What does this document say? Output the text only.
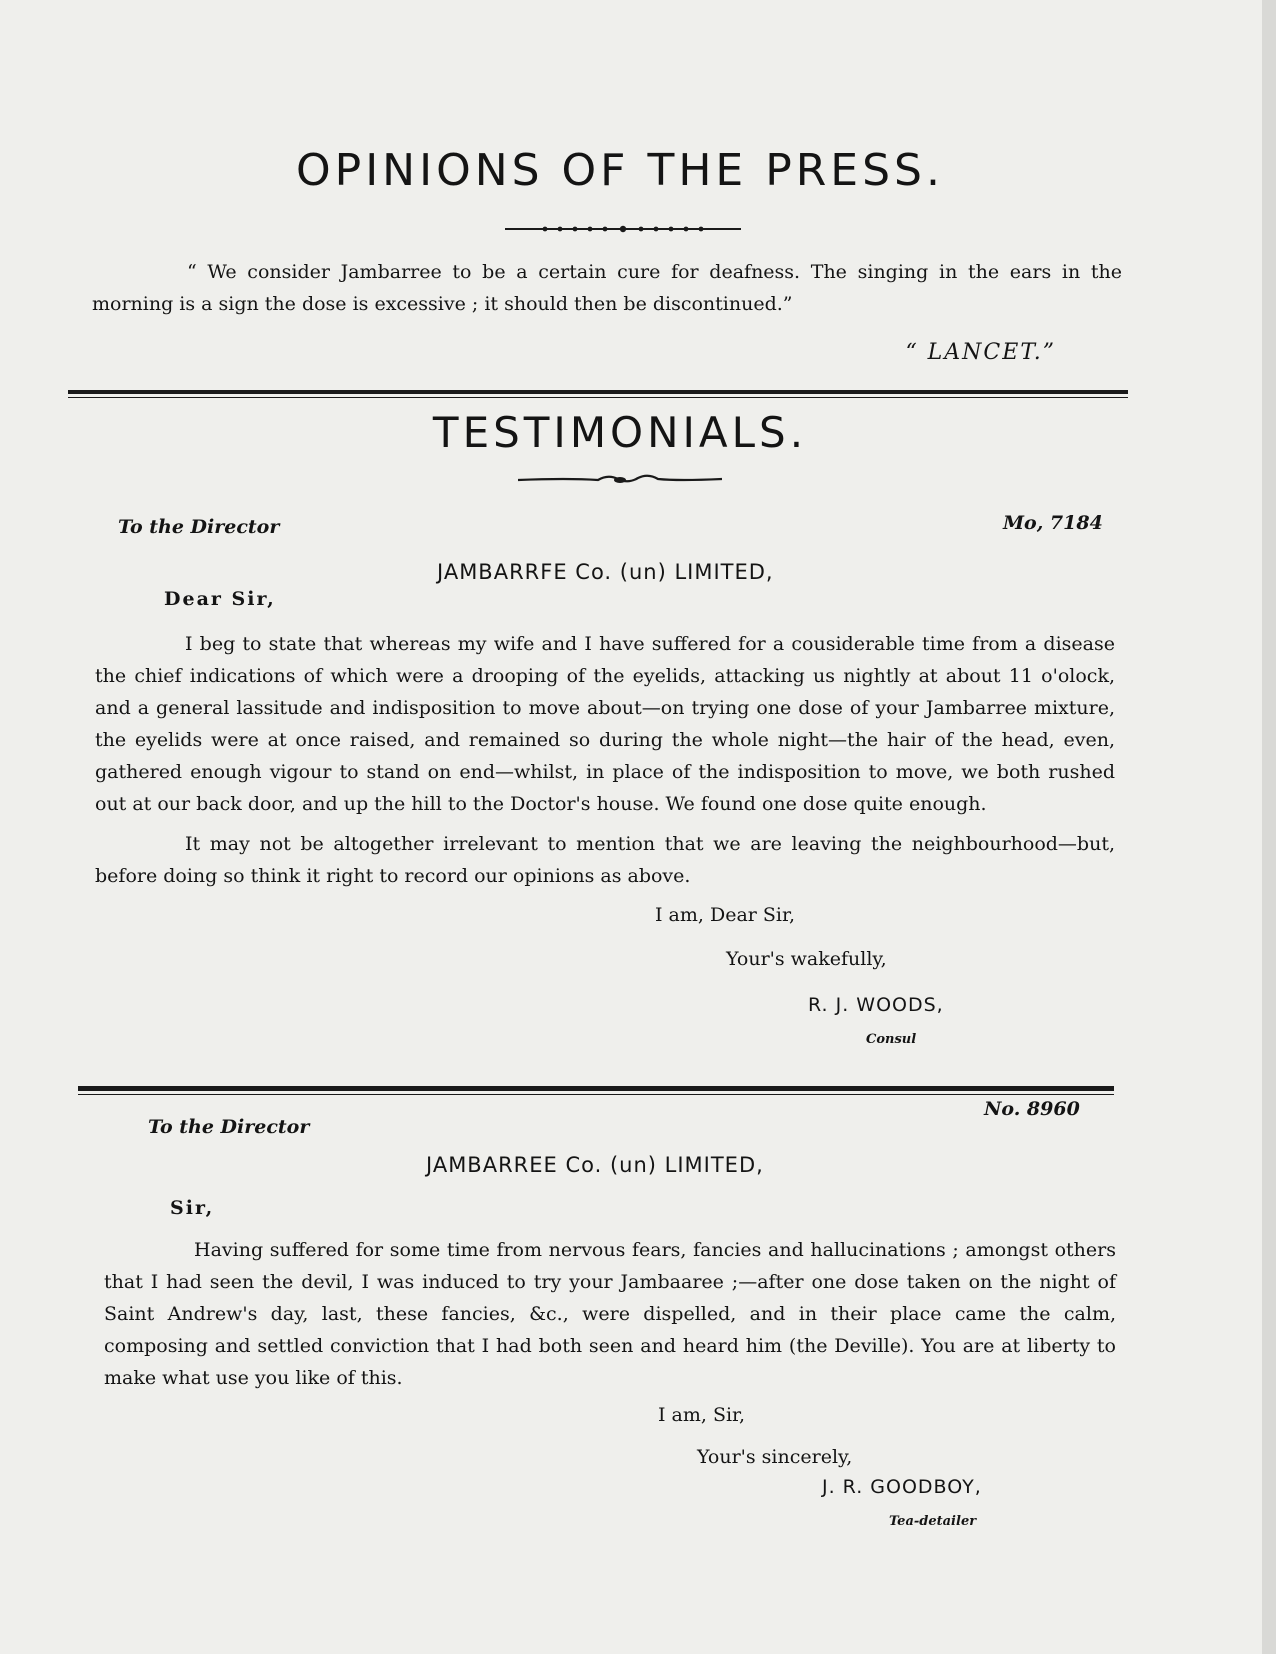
OPINIONS OF THE PRESS.

“ We consider Jambarree to be a certain cure for deafness. The singing in the ears in the morning is a sign the dose is excessive ; it should then be discontinued.”

“ LANCET.”
TESTIMONIALS.
To the Director	Mo, 7184
JAMBARRFE Co. (un) LIMITED,
Dear Sir,

I beg to state that whereas my wife and I have suffered for a cousiderable time from a disease the chief indications of which were a drooping of the eyelids, attacking us nightly at about 11 o'olock, and a general lassitude and indisposition to move about—on trying one dose of your Jambarree mixture, the eyelids were at once raised, and remained so during the whole night—the hair of the head, even, gathered enough vigour to stand on end—whilst, in place of the indisposition to move, we both rushed out at our back door, and up the hill to the Doctor's house. We found one dose quite enough.

It may not be altogether irrelevant to mention that we are leaving the neighbourhood—but, before doing so think it right to record our opinions as above.

I am, Dear Sir,
Your's wakefully,
R. J. WOODS,
Consul
To the Director
No. 8960
JAMBARREE Co. (un) LIMITED,
Sir,

Having suffered for some time from nervous fears, fancies and hallucinations ; amongst others that I had seen the devil, I was induced to try your Jambaaree ;—after one dose taken on the night of Saint Andrew's day, last, these fancies, &c., were dispelled, and in their place came the calm, composing and settled conviction that I had both seen and heard him (the Deville). You are at liberty to make what use you like of this.

I am, Sir,
Your's sincerely,
J. R. GOODBOY,
Tea-detailer
